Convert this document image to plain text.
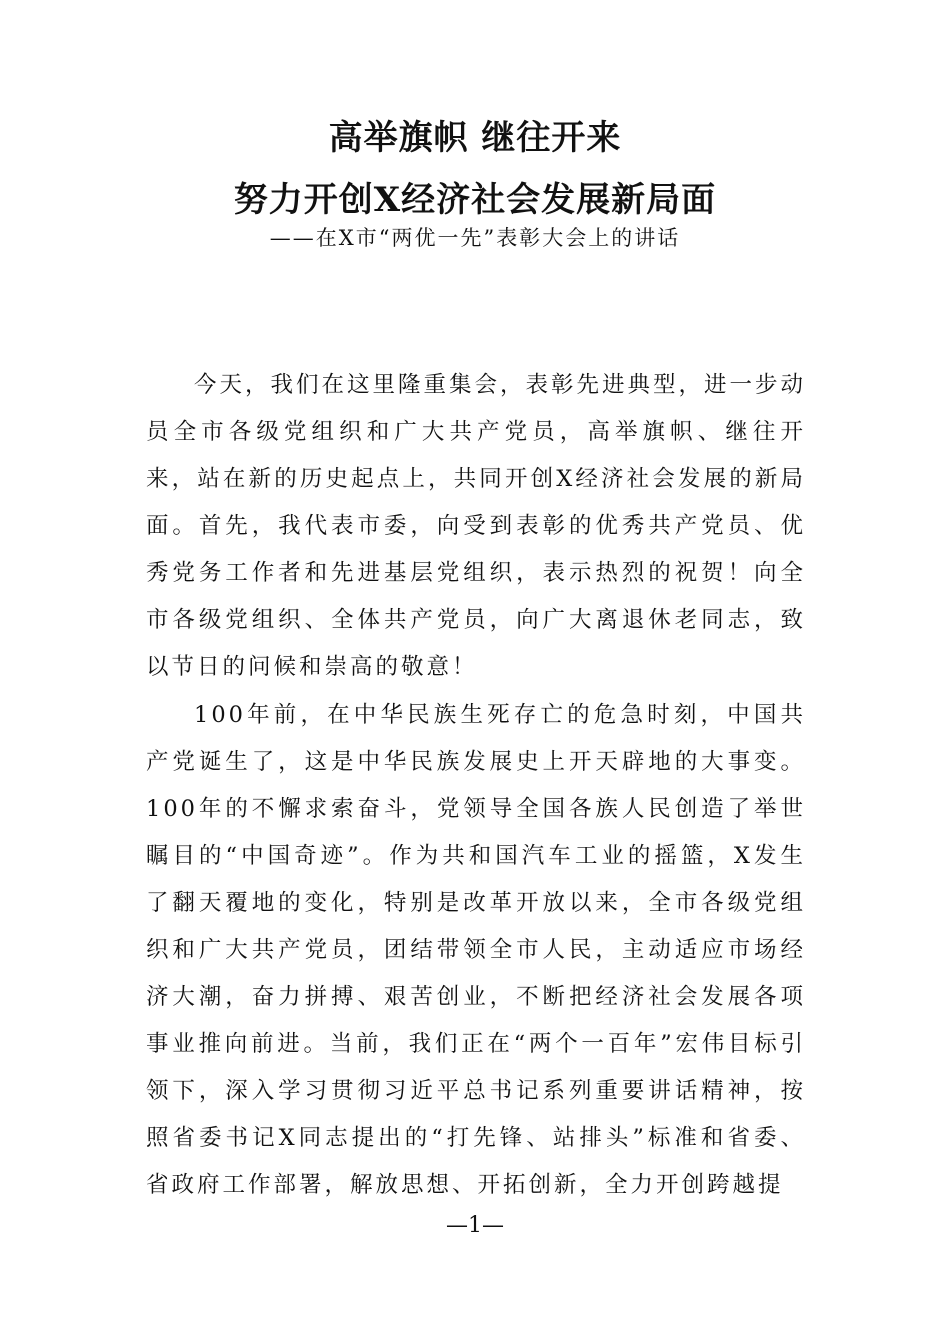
高举旗帜 继往开来
努力开创X经济社会发展新局面
——在X市“两优一先”表彰大会上的讲话

今天，我们在这里隆重集会，表彰先进典型，进一步动员全市各级党组织和广大共产党员，高举旗帜、继往开来，站在新的历史起点上，共同开创X经济社会发展的新局面。首先，我代表市委，向受到表彰的优秀共产党员、优秀党务工作者和先进基层党组织，表示热烈的祝贺！向全市各级党组织、全体共产党员，向广大离退休老同志，致以节日的问候和崇高的敬意！

100年前，在中华民族生死存亡的危急时刻，中国共产党诞生了，这是中华民族发展史上开天辟地的大事变。100年的不懈求索奋斗，党领导全国各族人民创造了举世瞩目的“中国奇迹”。作为共和国汽车工业的摇篮，X发生了翻天覆地的变化，特别是改革开放以来，全市各级党组织和广大共产党员，团结带领全市人民，主动适应市场经济大潮，奋力拼搏、艰苦创业，不断把经济社会发展各项事业推向前进。当前，我们正在“两个一百年”宏伟目标引领下，深入学习贯彻习近平总书记系列重要讲话精神，按照省委书记X同志提出的“打先锋、站排头”标准和省委、省政府工作部署，解放思想、开拓创新，全力开创跨越提

—1—
